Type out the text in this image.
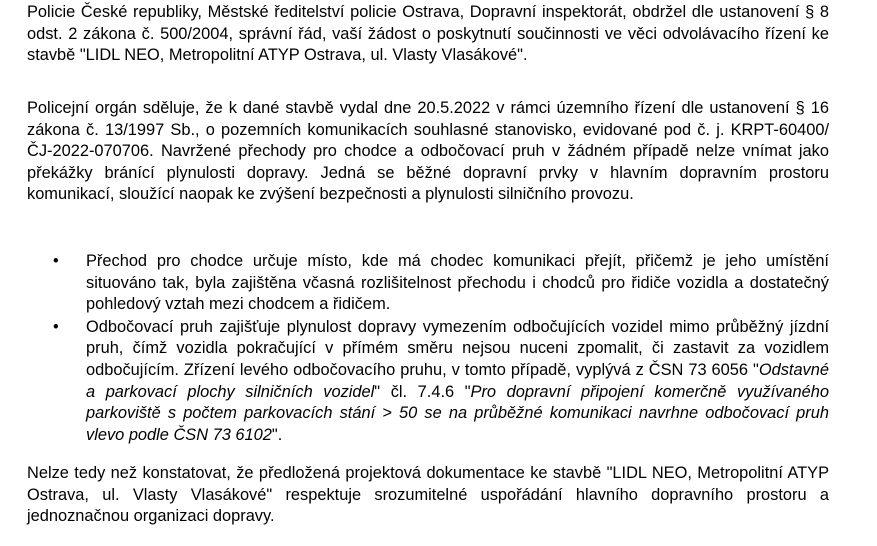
Policie České republiky, Městské ředitelství policie Ostrava, Dopravní inspektorát, obdržel dle ustanovení § 8 odst. 2 zákona č. 500/2004, správní řád, vaší žádost o poskytnutí součinnosti ve věci odvolávacího řízení ke stavbě "LIDL NEO, Metropolitní ATYP Ostrava, ul. Vlasty Vlasákové".

Policejní orgán sděluje, že k dané stavbě vydal dne 20.5.2022 v rámci územního řízení dle ustanovení § 16 zákona č. 13/1997 Sb., o pozemních komunikacích souhlasné stanovisko, evidované pod č. j. KRPT-60400/ČJ-2022-070706. Navržené přechody pro chodce a odbočovací pruh v žádném případě nelze vnímat jako překážky bránící plynulosti dopravy. Jedná se běžné dopravní prvky v hlavním dopravním prostoru komunikací, sloužící naopak ke zvýšení bezpečnosti a plynulosti silničního provozu.

• Přechod pro chodce určuje místo, kde má chodec komunikaci přejít, přičemž je jeho umístění situováno tak, byla zajištěna včasná rozlišitelnost přechodu i chodců pro řidiče vozidla a dostatečný pohledový vztah mezi chodcem a řidičem.
• Odbočovací pruh zajišťuje plynulost dopravy vymezením odbočujících vozidel mimo průběžný jízdní pruh, čímž vozidla pokračující v přímém směru nejsou nuceni zpomalit, či zastavit za vozidlem odbočujícím. Zřízení levého odbočovacího pruhu, v tomto případě, vyplývá z ČSN 73 6056 "Odstavné a parkovací plochy silničních vozidel" čl. 7.4.6 "Pro dopravní připojení komerčně využívaného parkoviště s počtem parkovacích stání > 50 se na průběžné komunikaci navrhne odbočovací pruh vlevo podle ČSN 73 6102".

Nelze tedy než konstatovat, že předložená projektová dokumentace ke stavbě "LIDL NEO, Metropolitní ATYP Ostrava, ul. Vlasty Vlasákové" respektuje srozumitelné uspořádání hlavního dopravního prostoru a jednoznačnou organizaci dopravy.
